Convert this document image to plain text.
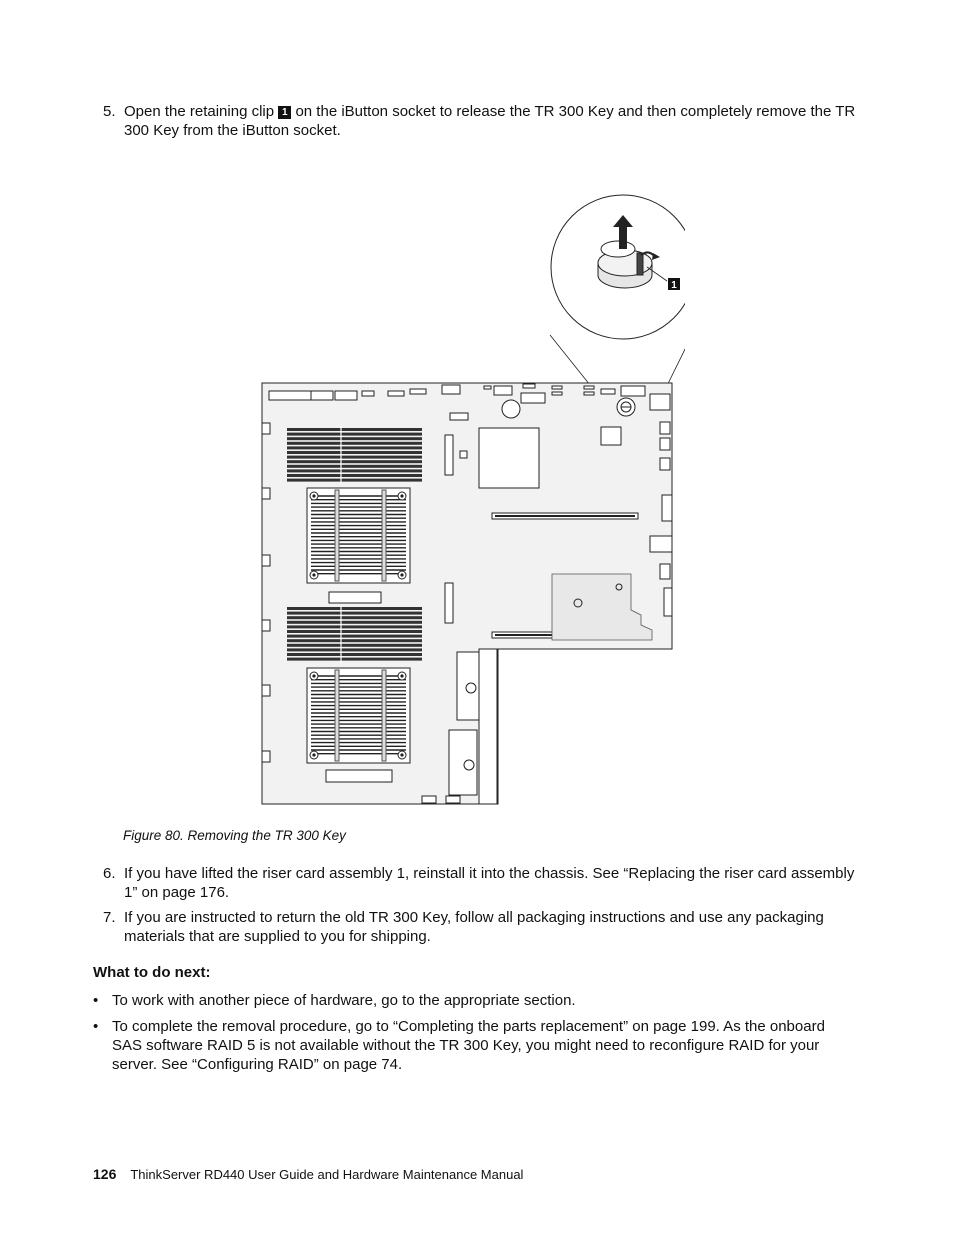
5. Open the retaining clip 1 on the iButton socket to release the TR 300 Key and then completely remove the TR 300 Key from the iButton socket.
1
Figure 80. Removing the TR 300 Key
6. If you have lifted the riser card assembly 1, reinstall it into the chassis. See “Replacing the riser card assembly 1” on page 176.
7. If you are instructed to return the old TR 300 Key, follow all packaging instructions and use any packaging materials that are supplied to you for shipping.
What to do next:
• To work with another piece of hardware, go to the appropriate section.
• To complete the removal procedure, go to “Completing the parts replacement” on page 199. As the onboard SAS software RAID 5 is not available without the TR 300 Key, you might need to reconfigure RAID for your server. See “Configuring RAID” on page 74.
126 ThinkServer RD440 User Guide and Hardware Maintenance Manual
